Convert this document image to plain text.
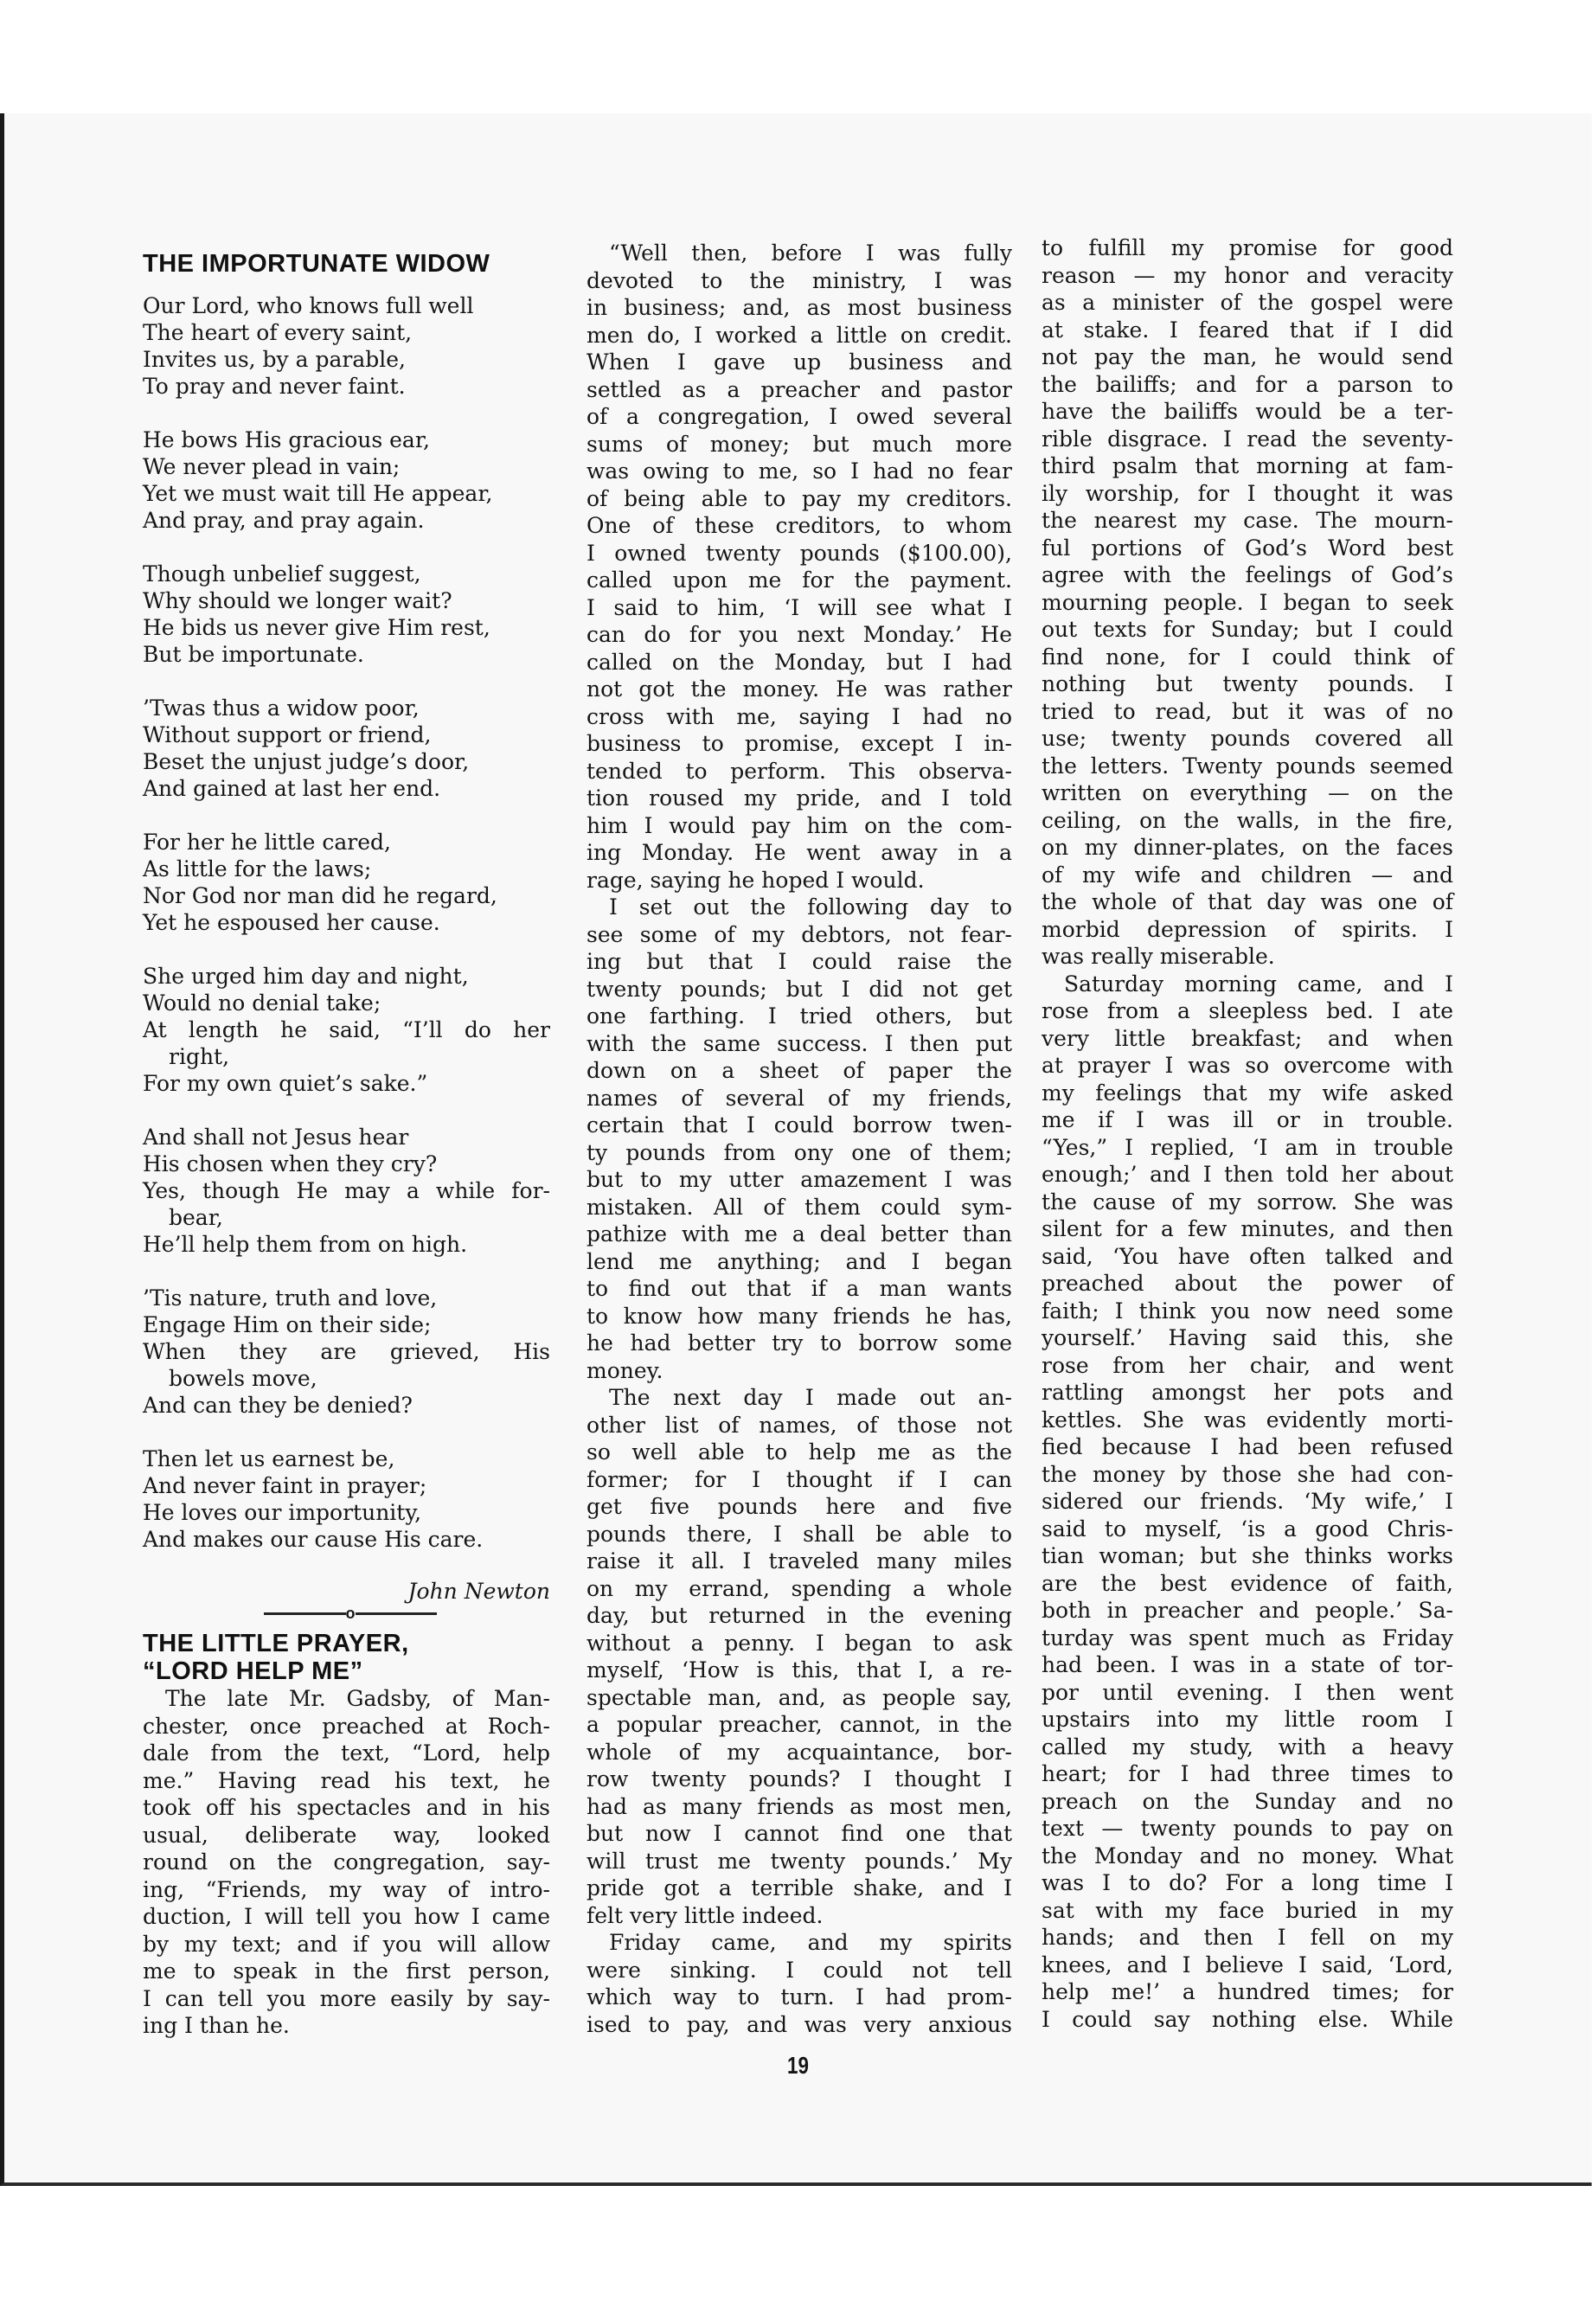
THE IMPORTUNATE WIDOW
Our Lord, who knows full well
The heart of every saint,
Invites us, by a parable,
To pray and never faint.
He bows His gracious ear,
We never plead in vain;
Yet we must wait till He appear,
And pray, and pray again.
Though unbelief suggest,
Why should we longer wait?
He bids us never give Him rest,
But be importunate.
’Twas thus a widow poor,
Without support or friend,
Beset the unjust judge’s door,
And gained at last her end.
For her he little cared,
As little for the laws;
Nor God nor man did he regard,
Yet he espoused her cause.
She urged him day and night,
Would no denial take;
At length he said, “I’ll do her
right,
For my own quiet’s sake.”
And shall not Jesus hear
His chosen when they cry?
Yes, though He may a while for-
bear,
He’ll help them from on high.
’Tis nature, truth and love,
Engage Him on their side;
When they are grieved, His
bowels move,
And can they be denied?
Then let us earnest be,
And never faint in prayer;
He loves our importunity,
And makes our cause His care.
John Newton
o
THE LITTLE PRAYER,
“LORD HELP ME”
The late Mr. Gadsby, of Man-
chester, once preached at Roch-
dale from the text, “Lord, help
me.” Having read his text, he
took off his spectacles and in his
usual, deliberate way, looked
round on the congregation, say-
ing, “Friends, my way of intro-
duction, I will tell you how I came
by my text; and if you will allow
me to speak in the first person,
I can tell you more easily by say-
ing I than he.
“Well then, before I was fully
devoted to the ministry, I was
in business; and, as most business
men do, I worked a little on credit.
When I gave up business and
settled as a preacher and pastor
of a congregation, I owed several
sums of money; but much more
was owing to me, so I had no fear
of being able to pay my creditors.
One of these creditors, to whom
I owned twenty pounds ($100.00),
called upon me for the payment.
I said to him, ‘I will see what I
can do for you next Monday.’ He
called on the Monday, but I had
not got the money. He was rather
cross with me, saying I had no
business to promise, except I in-
tended to perform. This observa-
tion roused my pride, and I told
him I would pay him on the com-
ing Monday. He went away in a
rage, saying he hoped I would.
I set out the following day to
see some of my debtors, not fear-
ing but that I could raise the
twenty pounds; but I did not get
one farthing. I tried others, but
with the same success. I then put
down on a sheet of paper the
names of several of my friends,
certain that I could borrow twen-
ty pounds from ony one of them;
but to my utter amazement I was
mistaken. All of them could sym-
pathize with me a deal better than
lend me anything; and I began
to find out that if a man wants
to know how many friends he has,
he had better try to borrow some
money.
The next day I made out an-
other list of names, of those not
so well able to help me as the
former; for I thought if I can
get five pounds here and five
pounds there, I shall be able to
raise it all. I traveled many miles
on my errand, spending a whole
day, but returned in the evening
without a penny. I began to ask
myself, ‘How is this, that I, a re-
spectable man, and, as people say,
a popular preacher, cannot, in the
whole of my acquaintance, bor-
row twenty pounds? I thought I
had as many friends as most men,
but now I cannot find one that
will trust me twenty pounds.’ My
pride got a terrible shake, and I
felt very little indeed.
Friday came, and my spirits
were sinking. I could not tell
which way to turn. I had prom-
ised to pay, and was very anxious
to fulfill my promise for good
reason — my honor and veracity
as a minister of the gospel were
at stake. I feared that if I did
not pay the man, he would send
the bailiffs; and for a parson to
have the bailiffs would be a ter-
rible disgrace. I read the seventy-
third psalm that morning at fam-
ily worship, for I thought it was
the nearest my case. The mourn-
ful portions of God’s Word best
agree with the feelings of God’s
mourning people. I began to seek
out texts for Sunday; but I could
find none, for I could think of
nothing but twenty pounds. I
tried to read, but it was of no
use; twenty pounds covered all
the letters. Twenty pounds seemed
written on everything — on the
ceiling, on the walls, in the fire,
on my dinner-plates, on the faces
of my wife and children — and
the whole of that day was one of
morbid depression of spirits. I
was really miserable.
Saturday morning came, and I
rose from a sleepless bed. I ate
very little breakfast; and when
at prayer I was so overcome with
my feelings that my wife asked
me if I was ill or in trouble.
“Yes,” I replied, ‘I am in trouble
enough;’ and I then told her about
the cause of my sorrow. She was
silent for a few minutes, and then
said, ‘You have often talked and
preached about the power of
faith; I think you now need some
yourself.’ Having said this, she
rose from her chair, and went
rattling amongst her pots and
kettles. She was evidently morti-
fied because I had been refused
the money by those she had con-
sidered our friends. ‘My wife,’ I
said to myself, ‘is a good Chris-
tian woman; but she thinks works
are the best evidence of faith,
both in preacher and people.’ Sa-
turday was spent much as Friday
had been. I was in a state of tor-
por until evening. I then went
upstairs into my little room I
called my study, with a heavy
heart; for I had three times to
preach on the Sunday and no
text — twenty pounds to pay on
the Monday and no money. What
was I to do? For a long time I
sat with my face buried in my
hands; and then I fell on my
knees, and I believe I said, ‘Lord,
help me!’ a hundred times; for
I could say nothing else. While
19
